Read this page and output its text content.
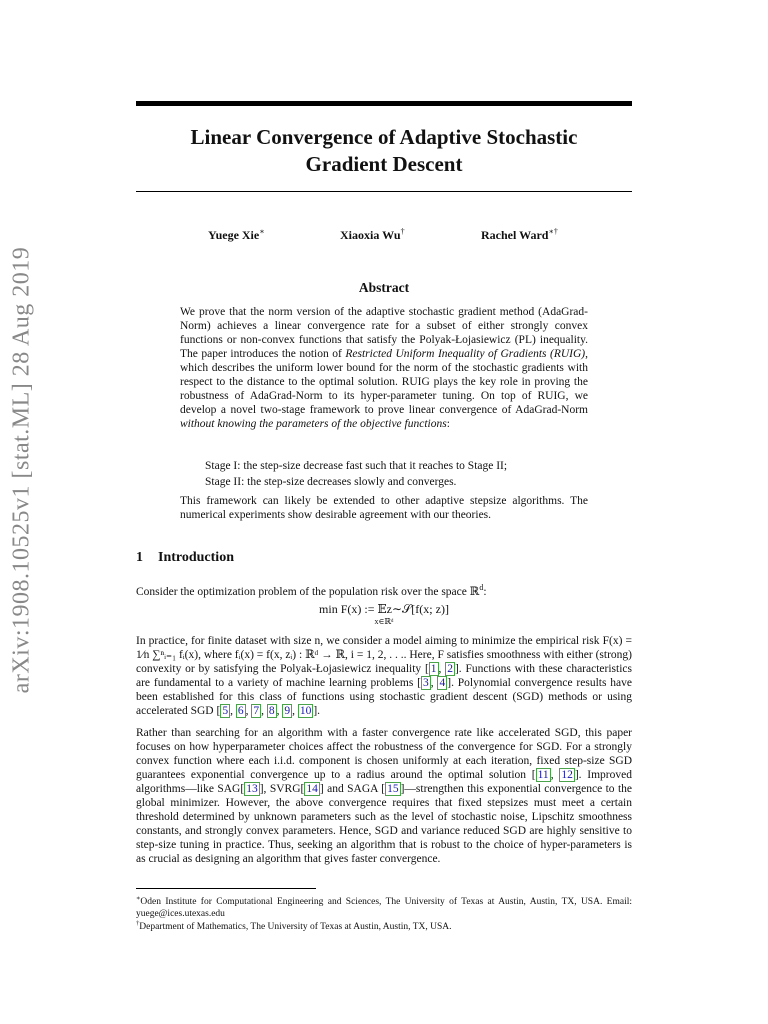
arXiv:1908.10525v1 [stat.ML] 28 Aug 2019
Linear Convergence of Adaptive Stochastic
Gradient Descent
Yuege Xie∗	Xiaoxia Wu†	Rachel Ward∗†
Abstract
We prove that the norm version of the adaptive stochastic gradient method (AdaGrad-Norm) achieves a linear convergence rate for a subset of either strongly convex functions or non-convex functions that satisfy the Polyak-Łojasiewicz (PL) inequality. The paper introduces the notion of Restricted Uniform Inequality of Gradients (RUIG), which describes the uniform lower bound for the norm of the stochastic gradients with respect to the distance to the optimal solution. RUIG plays the key role in proving the robustness of AdaGrad-Norm to its hyper-parameter tuning. On top of RUIG, we develop a novel two-stage framework to prove linear convergence of AdaGrad-Norm without knowing the parameters of the objective functions:
Stage I: the step-size decrease fast such that it reaches to Stage II;
Stage II: the step-size decreases slowly and converges.
This framework can likely be extended to other adaptive stepsize algorithms. The numerical experiments show desirable agreement with our theories.
1 Introduction
Consider the optimization problem of the population risk over the space ℝ$^d$:
min F(x) := 𝔼z∼𝒮[f(x; z)]
x∈ℝᵈ
In practice, for finite dataset with size n, we consider a model aiming to minimize the empirical risk F(x) = 1⁄n ∑ⁿᵢ₌₁ fᵢ(x), where fᵢ(x) = f(x, zᵢ) : ℝᵈ → ℝ, i = 1, 2, . . .. Here, F satisfies smoothness with either (strong) convexity or by satisfying the Polyak-Łojasiewicz inequality [ 1 , 2 ]. Functions with these characteristics are fundamental to a variety of machine learning problems [ 3 , 4 ]. Polynomial convergence results have been established for this class of functions using stochastic gradient descent (SGD) methods or using accelerated SGD [ 5 , 6 , 7 , 8 , 9 , 10 ].
Rather than searching for an algorithm with a faster convergence rate like accelerated SGD, this paper focuses on how hyperparameter choices affect the robustness of the convergence for SGD. For a strongly convex function where each i.i.d. component is chosen uniformly at each iteration, fixed step-size SGD guarantees exponential convergence up to a radius around the optimal solution [ 11 , 12 ]. Improved algorithms—like SAG[ 13 ], SVRG[ 14 ] and SAGA [ 15 ]—strengthen this exponential convergence to the global minimizer. However, the above convergence requires that fixed stepsizes must meet a certain threshold determined by unknown parameters such as the level of stochastic noise, Lipschitz smoothness constants, and strongly convex parameters. Hence, SGD and variance reduced SGD are highly sensitive to step-size tuning in practice. Thus, seeking an algorithm that is robust to the choice of hyper-parameters is as crucial as designing an algorithm that gives faster convergence.
∗Oden Institute for Computational Engineering and Sciences, The University of Texas at Austin, Austin, TX, USA. Email: yuege@ices.utexas.edu
†Department of Mathematics, The University of Texas at Austin, Austin, TX, USA.
